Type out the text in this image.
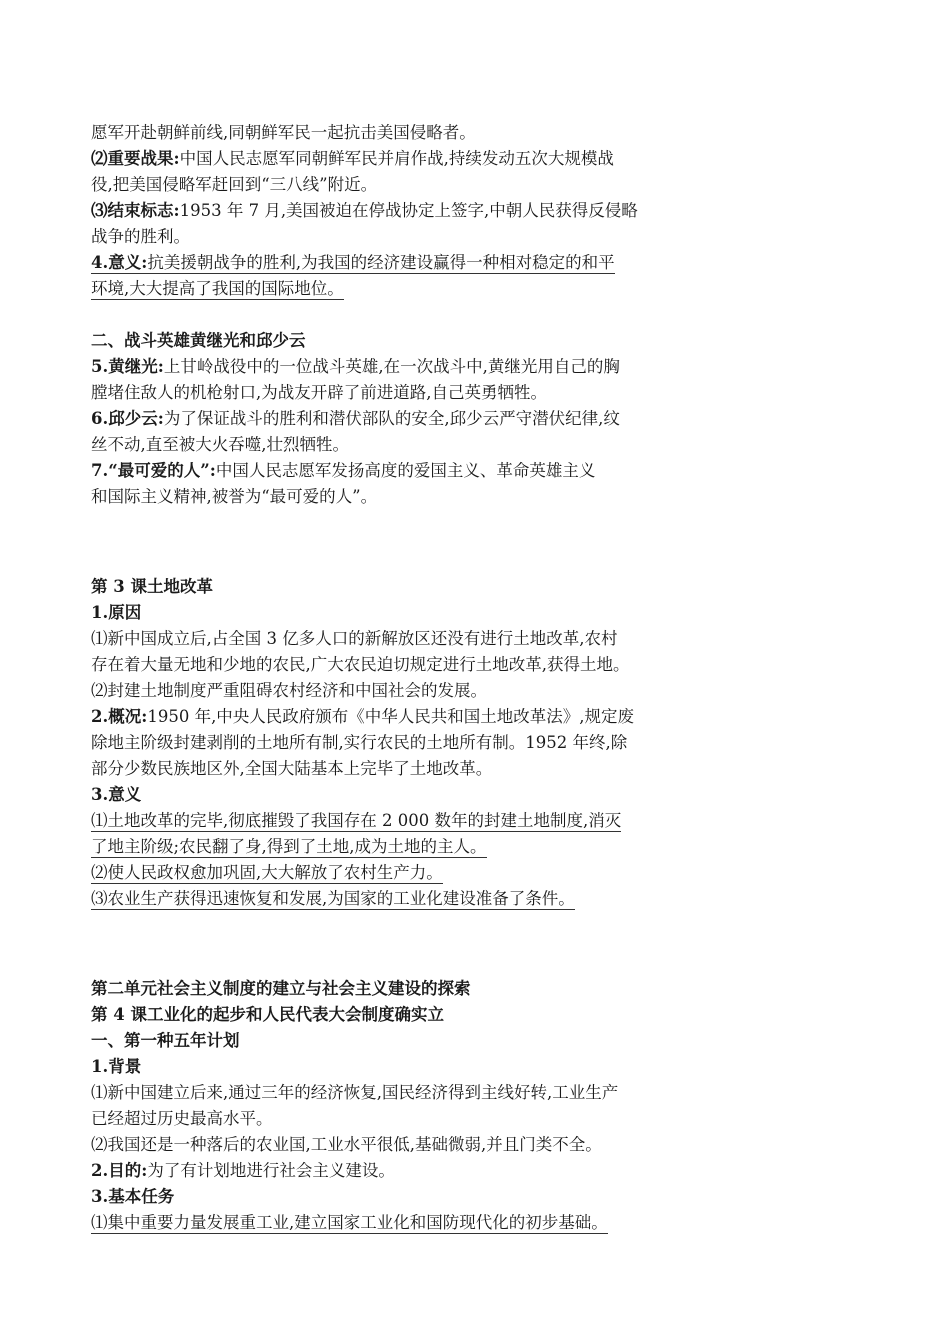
愿军开赴朝鲜前线,同朝鲜军民一起抗击美国侵略者。
⑵重要战果:中国人民志愿军同朝鲜军民并肩作战,持续发动五次大规模战
役,把美国侵略军赶回到“三八线”附近。
⑶结束标志:1953 年 7 月,美国被迫在停战协定上签字,中朝人民获得反侵略
战争的胜利。
4.意义:抗美援朝战争的胜利,为我国的经济建设赢得一种相对稳定的和平
环境,大大提高了我国的国际地位。
二、战斗英雄黄继光和邱少云
5.黄继光:上甘岭战役中的一位战斗英雄,在一次战斗中,黄继光用自己的胸
膛堵住敌人的机枪射口,为战友开辟了前进道路,自己英勇牺牲。
6.邱少云:为了保证战斗的胜利和潜伏部队的安全,邱少云严守潜伏纪律,纹
丝不动,直至被大火吞噬,壮烈牺牲。
7.“最可爱的人”:中国人民志愿军发扬高度的爱国主义、革命英雄主义
和国际主义精神,被誉为“最可爱的人”。
第 3 课土地改革
1.原因
⑴新中国成立后,占全国 3 亿多人口的新解放区还没有进行土地改革,农村
存在着大量无地和少地的农民,广大农民迫切规定进行土地改革,获得土地。
⑵封建土地制度严重阻碍农村经济和中国社会的发展。
2.概况:1950 年,中央人民政府颁布《中华人民共和国土地改革法》,规定废
除地主阶级封建剥削的土地所有制,实行农民的土地所有制。1952 年终,除
部分少数民族地区外,全国大陆基本上完毕了土地改革。
3.意义
⑴土地改革的完毕,彻底摧毁了我国存在 2 000 数年的封建土地制度,消灭
了地主阶级;农民翻了身,得到了土地,成为土地的主人。
⑵使人民政权愈加巩固,大大解放了农村生产力。
⑶农业生产获得迅速恢复和发展,为国家的工业化建设准备了条件。
第二单元社会主义制度的建立与社会主义建设的探索
第 4 课工业化的起步和人民代表大会制度确实立
一、第一种五年计划
1.背景
⑴新中国建立后来,通过三年的经济恢复,国民经济得到主线好转,工业生产
已经超过历史最高水平。
⑵我国还是一种落后的农业国,工业水平很低,基础微弱,并且门类不全。
2.目的:为了有计划地进行社会主义建设。
3.基本任务
⑴集中重要力量发展重工业,建立国家工业化和国防现代化的初步基础。
